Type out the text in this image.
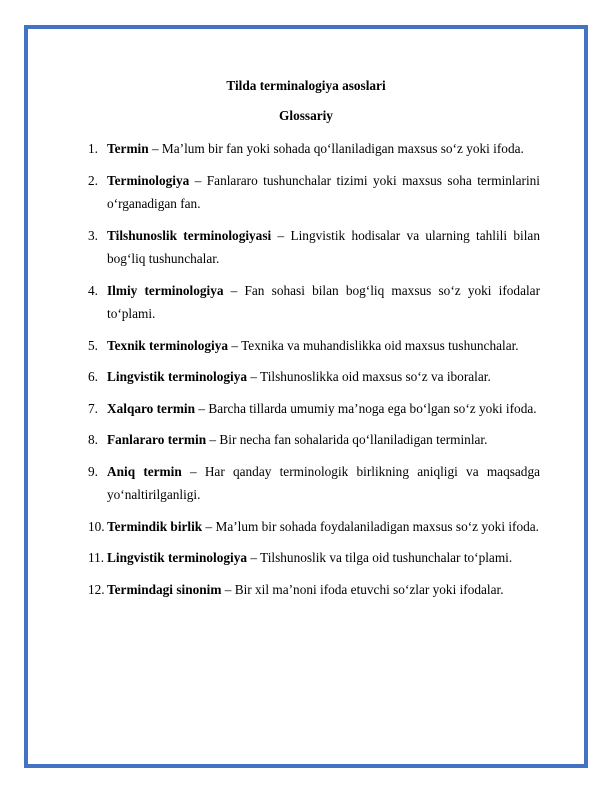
Tilda terminalogiya asoslari
Glossariy
1. Termin – Ma’lum bir fan yoki sohada qo‘llaniladigan maxsus so‘z yoki ifoda.
2. Terminologiya – Fanlararo tushunchalar tizimi yoki maxsus soha terminlarini o‘rganadigan fan.
3. Tilshunoslik terminologiyasi – Lingvistik hodisalar va ularning tahlili bilan bog‘liq tushunchalar.
4. Ilmiy terminologiya – Fan sohasi bilan bog‘liq maxsus so‘z yoki ifodalar to‘plami.
5. Texnik terminologiya – Texnika va muhandislikka oid maxsus tushunchalar.
6. Lingvistik terminologiya – Tilshunoslikka oid maxsus so‘z va iboralar.
7. Xalqaro termin – Barcha tillarda umumiy ma’noga ega bo‘lgan so‘z yoki ifoda.
8. Fanlararo termin – Bir necha fan sohalarida qo‘llaniladigan terminlar.
9. Aniq termin – Har qanday terminologik birlikning aniqligi va maqsadga yo‘naltirilganligi.
10. Termindik birlik – Ma’lum bir sohada foydalaniladigan maxsus so‘z yoki ifoda.
11. Lingvistik terminologiya – Tilshunoslik va tilga oid tushunchalar to‘plami.
12. Termindagi sinonim – Bir xil ma’noni ifoda etuvchi so‘zlar yoki ifodalar.
